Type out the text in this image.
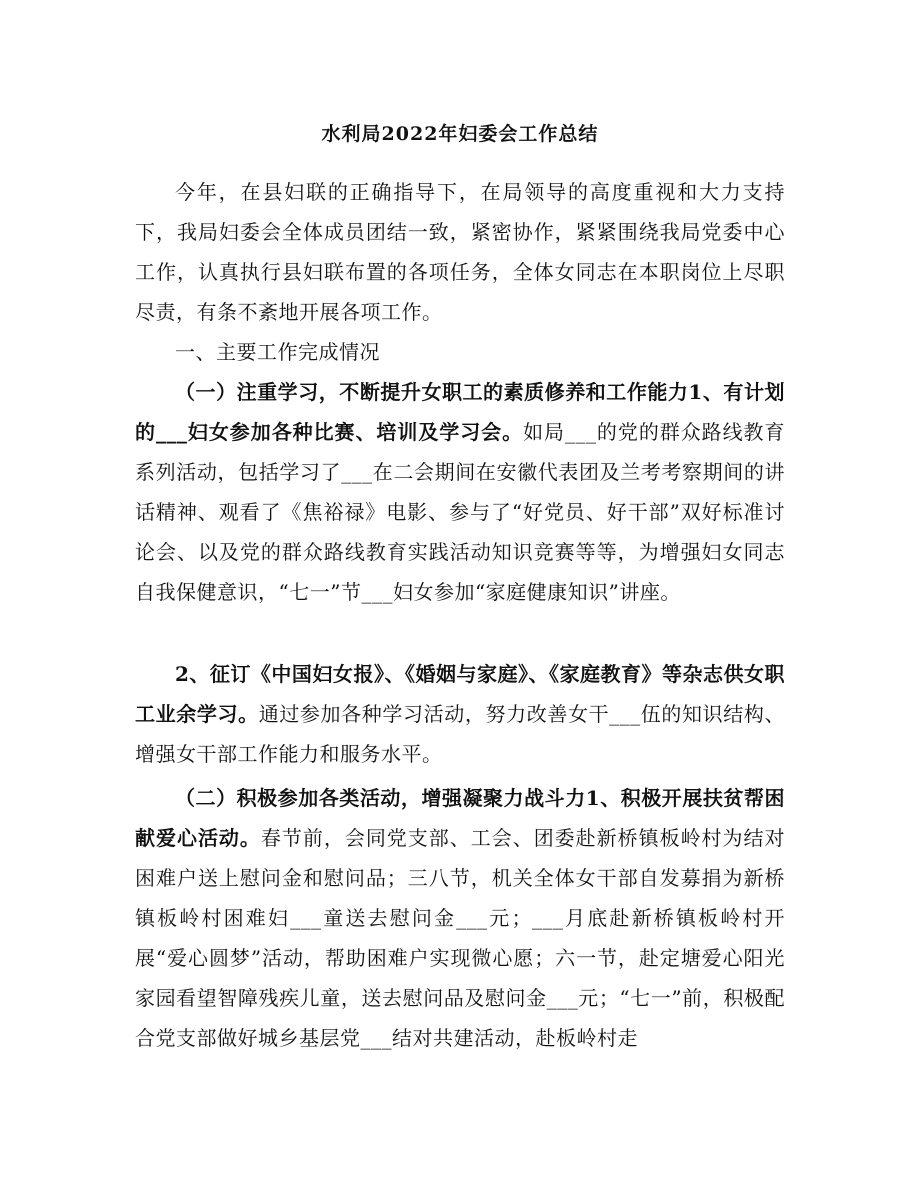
水利局2022年妇委会工作总结

今年，在县妇联的正确指导下，在局领导的高度重视和大力支持下，我局妇委会全体成员团结一致，紧密协作，紧紧围绕我局党委中心工作，认真执行县妇联布置的各项任务，全体女同志在本职岗位上尽职尽责，有条不紊地开展各项工作。

一、主要工作完成情况

（一）注重学习，不断提升女职工的素质修养和工作能力1、有计划的___妇女参加各种比赛、培训及学习会。如局___的党的群众路线教育系列活动，包括学习了___在二会期间在安徽代表团及兰考考察期间的讲话精神、观看了《焦裕禄》电影、参与了“好党员、好干部”双好标准讨论会、以及党的群众路线教育实践活动知识竞赛等等，为增强妇女同志自我保健意识，“七一”节___妇女参加“家庭健康知识”讲座。

2、征订《中国妇女报》、《婚姻与家庭》、《家庭教育》等杂志供女职工业余学习。通过参加各种学习活动，努力改善女干___伍的知识结构、增强女干部工作能力和服务水平。

（二）积极参加各类活动，增强凝聚力战斗力1、积极开展扶贫帮困献爱心活动。春节前，会同党支部、工会、团委赴新桥镇板岭村为结对困难户送上慰问金和慰问品；三八节，机关全体女干部自发募捐为新桥镇板岭村困难妇___童送去慰问金___元；___月底赴新桥镇板岭村开展“爱心圆梦”活动，帮助困难户实现微心愿；六一节，赴定塘爱心阳光家园看望智障残疾儿童，送去慰问品及慰问金___元；“七一”前，积极配合党支部做好城乡基层党___结对共建活动，赴板岭村走
